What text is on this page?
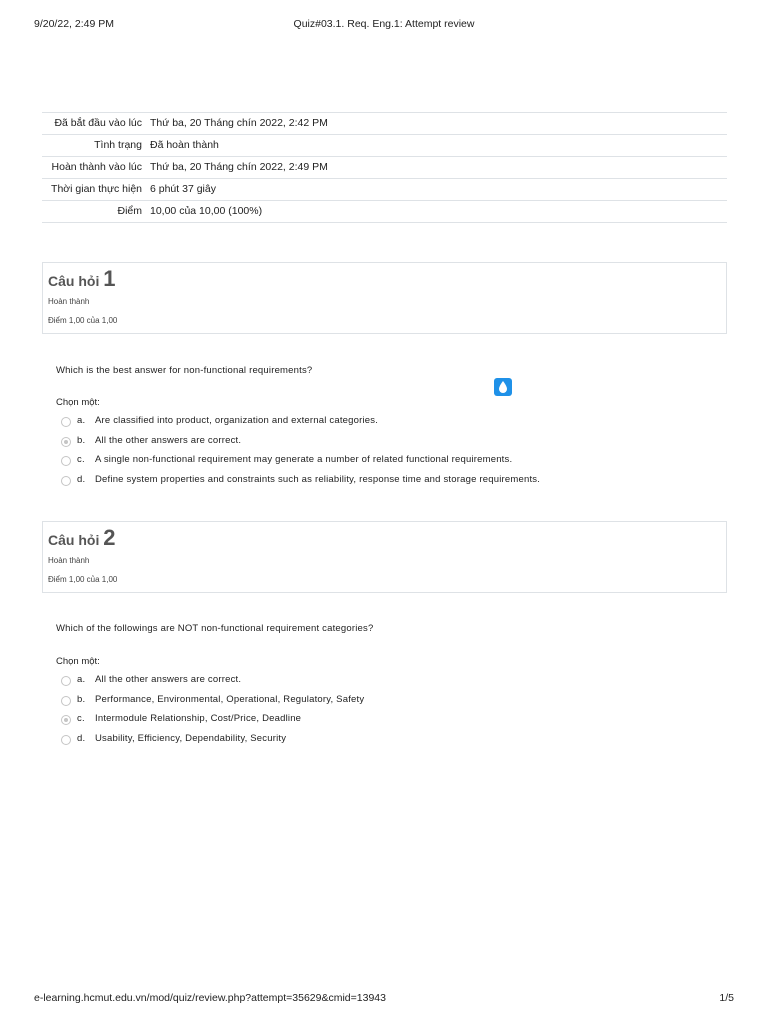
9/20/22, 2:49 PM	Quiz#03.1. Req. Eng.1: Attempt review
Đã bắt đầu vào lúc	Thứ ba, 20 Tháng chín 2022, 2:42 PM
Tình trạng	Đã hoàn thành
Hoàn thành vào lúc	Thứ ba, 20 Tháng chín 2022, 2:49 PM
Thời gian thực hiện	6 phút 37 giây
Điểm	10,00 của 10,00 (100%)
Câu hỏi 1
Hoàn thành
Điểm 1,00 của 1,00
Which is the best answer for non-functional requirements?
Chọn một:
a. Are classified into product, organization and external categories.
b. All the other answers are correct.
c. A single non-functional requirement may generate a number of related functional requirements.
d. Define system properties and constraints such as reliability, response time and storage requirements.
Câu hỏi 2
Hoàn thành
Điểm 1,00 của 1,00
Which of the followings are NOT non-functional requirement categories?
Chọn một:
a. All the other answers are correct.
b. Performance, Environmental, Operational, Regulatory, Safety
c. Intermodule Relationship, Cost/Price, Deadline
d. Usability, Efficiency, Dependability, Security
e-learning.hcmut.edu.vn/mod/quiz/review.php?attempt=35629&cmid=13943	1/5
